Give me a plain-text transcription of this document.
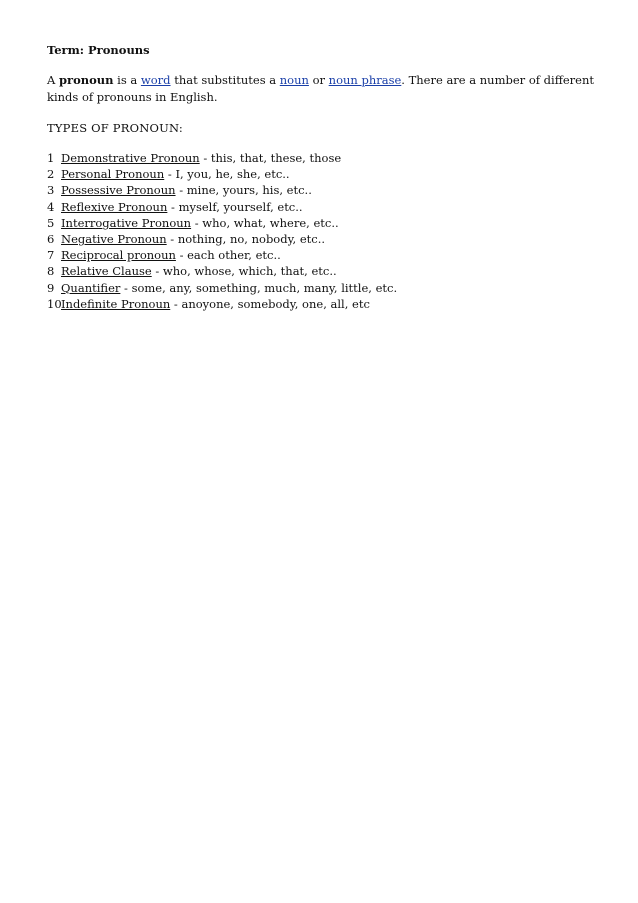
Term: Pronouns

A pronoun is a word that substitutes a noun or noun phrase. There are a number of different kinds of pronouns in English.

TYPES OF PRONOUN:

1 Demonstrative Pronoun - this, that, these, those
2 Personal Pronoun - I, you, he, she, etc..
3 Possessive Pronoun - mine, yours, his, etc..
4 Reflexive Pronoun - myself, yourself, etc..
5 Interrogative Pronoun - who, what, where, etc..
6 Negative Pronoun - nothing, no, nobody, etc..
7 Reciprocal pronoun - each other, etc..
8 Relative Clause - who, whose, which, that, etc..
9 Quantifier - some, any, something, much, many, little, etc.
10 Indefinite Pronoun - anoyone, somebody, one, all, etc
